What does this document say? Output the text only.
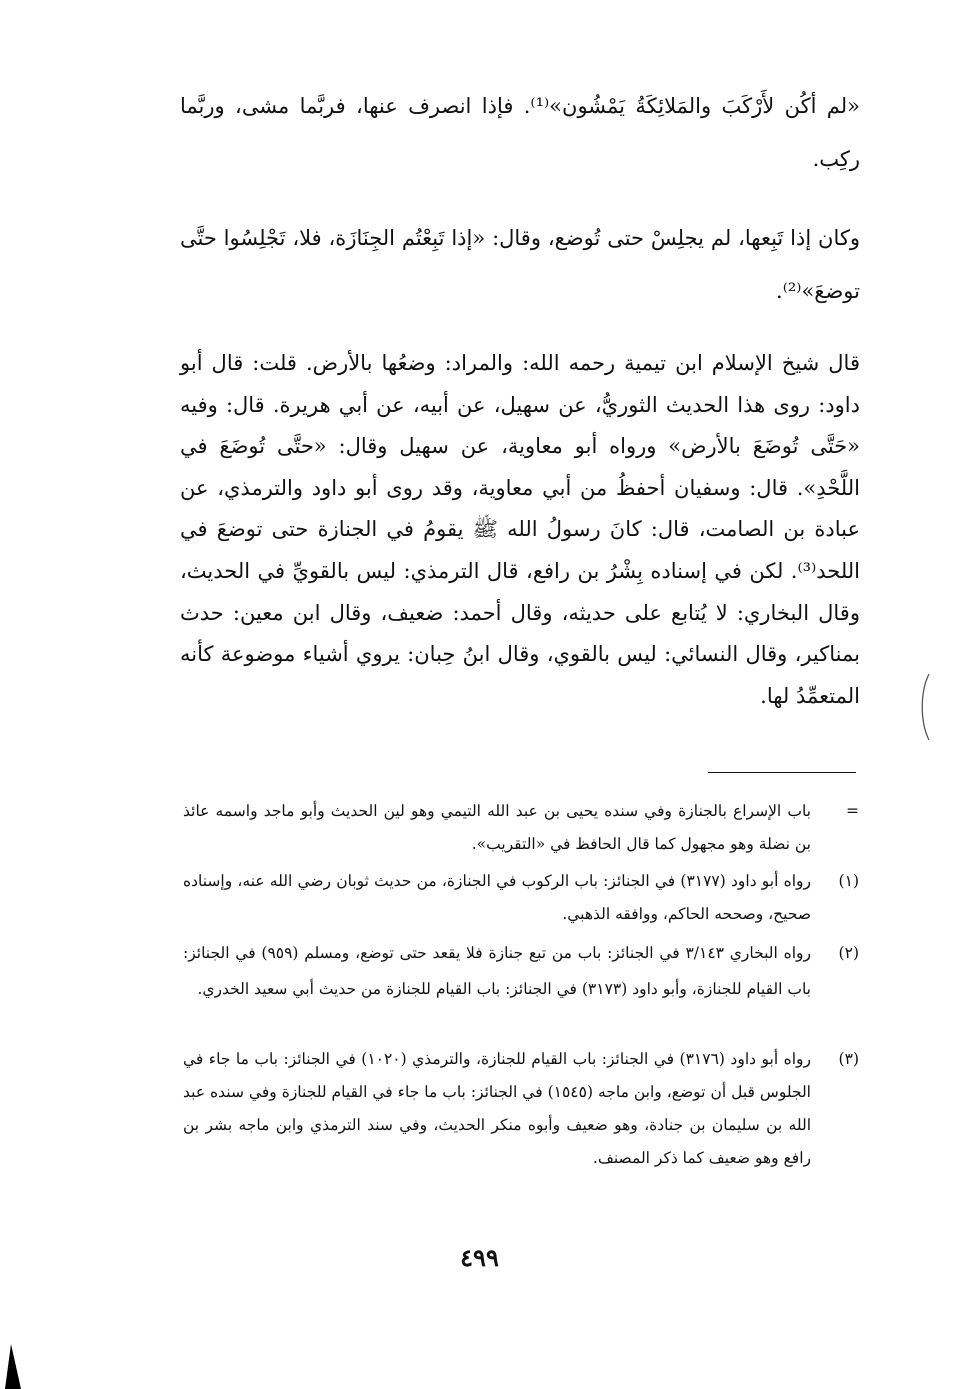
«لم أكُن لأَرْكَبَ والمَلائِكَةُ يَمْشُون»⁽¹⁾. فإذا انصرف عنها، فربَّما مشى، وربَّما ركِب.

وكان إذا تَبِعها، لم يجلِسْ حتى تُوضع، وقال: «إذا تَبِعْتُم الجِنَازَة، فلا، تَجْلِسُوا حتَّى توضعَ»⁽²⁾.

قال شيخ الإسلام ابن تيمية رحمه الله: والمراد: وضعُها بالأرض. قلت: قال أبو داود: روى هذا الحديث الثوريُّ، عن سهيل، عن أبيه، عن أبي هريرة. قال: وفيه «حَتَّى تُوضَعَ بالأرض» ورواه أبو معاوية، عن سهيل وقال: «حتَّى تُوضَعَ في اللَّحْدِ». قال: وسفيان أحفظُ من أبي معاوية، وقد روى أبو داود والترمذي، عن عبادة بن الصامت، قال: كانَ رسولُ الله ﷺ يقومُ في الجنازة حتى توضعَ في اللحد⁽³⁾. لكن في إسناده بِشْرُ بن رافع، قال الترمذي: ليس بالقويِّ في الحديث، وقال البخاري: لا يُتابع على حديثه، وقال أحمد: ضعيف، وقال ابن معين: حدث بمناكير، وقال النسائي: ليس بالقوي، وقال ابنُ حِبان: يروي أشياء موضوعة كأنه المتعمِّدُ لها.

=
باب الإسراع بالجنازة وفي سنده يحيى بن عبد الله التيمي وهو لين الحديث وأبو ماجد واسمه عائذ بن نضلة وهو مجهول كما قال الحافظ في «التقريب».
(١)
رواه أبو داود (٣١٧٧) في الجنائز: باب الركوب في الجنازة، من حديث ثوبان رضي الله عنه، وإسناده صحيح، وصححه الحاكم، ووافقه الذهبي.
(٢)
رواه البخاري ٣/١٤٣ في الجنائز: باب من تبع جنازة فلا يقعد حتى توضع، ومسلم (٩٥٩) في الجنائز: باب القيام للجنازة، وأبو داود (٣١٧٣) في الجنائز: باب القيام للجنازة من حديث أبي سعيد الخدري.
(٣)
رواه أبو داود (٣١٧٦) في الجنائز: باب القيام للجنازة، والترمذي (١٠٢٠) في الجنائز: باب ما جاء في الجلوس قبل أن توضع، وابن ماجه (١٥٤٥) في الجنائز: باب ما جاء في القيام للجنازة وفي سنده عبد الله بن سليمان بن جنادة، وهو ضعيف وأبوه منكر الحديث، وفي سند الترمذي وابن ماجه بشر بن رافع وهو ضعيف كما ذكر المصنف.
٤٩٩
